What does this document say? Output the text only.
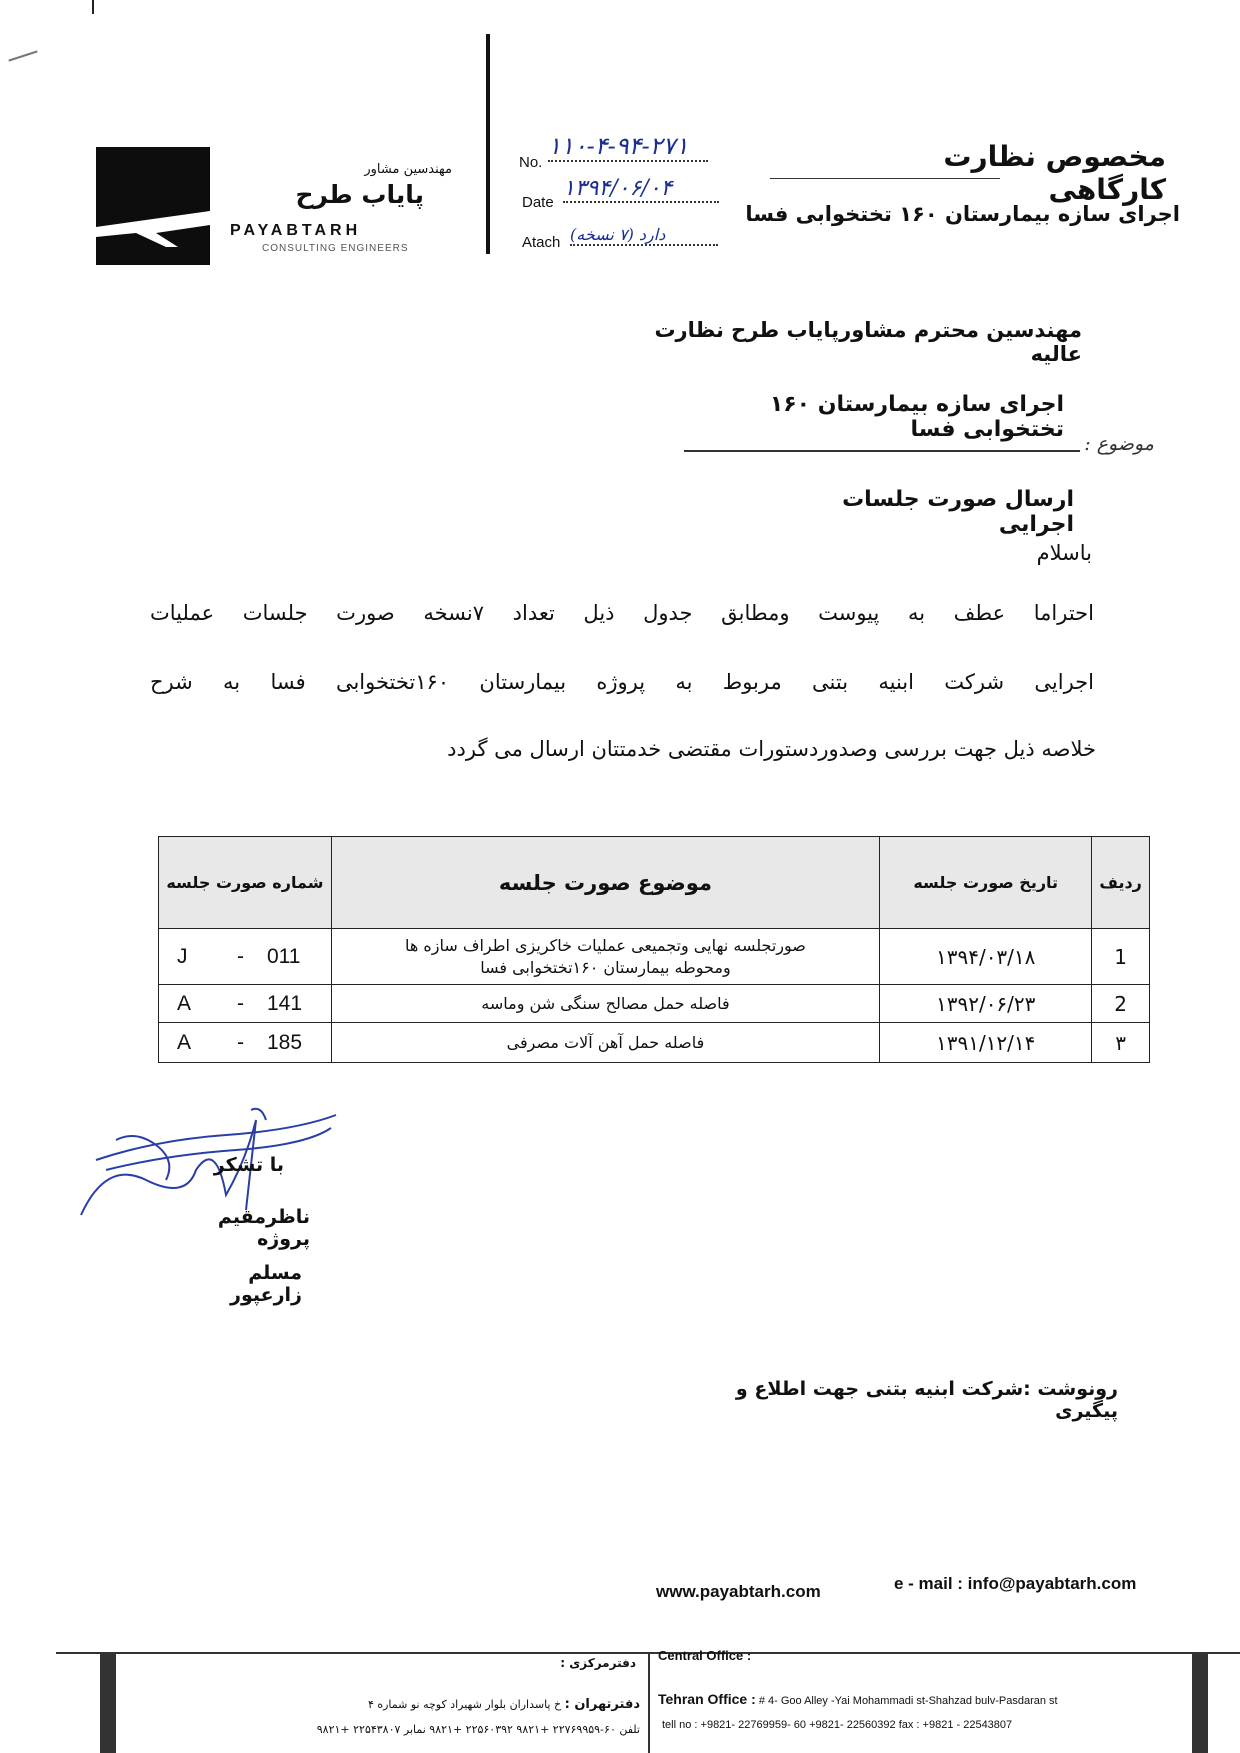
مهندسین مشاور
پایاب طرح
PAYABTARH
CONSULTING ENGINEERS
No.
۱۱۰-۴-۹۴-۲۷۱
Date
۱۳۹۴/۰۶/۰۴
Atach دارد (۷ نسخه)
مخصوص نظارت کارگاهی
اجرای سازه بیمارستان ۱۶۰ تختخوابی فسا
مهندسین محترم مشاورپایاب طرح نظارت عالیه
اجرای سازه بیمارستان ۱۶۰ تختخوابی فسا
موضوع :
ارسال صورت جلسات اجرایی
باسلام
احتراما عطف به پیوست ومطابق جدول ذیل تعداد ۷نسخه صورت جلسات عملیات
اجرایی شرکت ابنیه بتنی مربوط به پروژه بیمارستان ۱۶۰تختخوابی فسا به شرح
خلاصه ذیل جهت بررسی وصدوردستورات مقتضی خدمتتان ارسال می گردد
ردیف	تاریخ صورت جلسه	موضوع صورت جلسه	شماره صورت جلسه
1	۱۳۹۴/۰۳/۱۸	صورتجلسه نهایی وتجمیعی عملیات خاکریزی اطراف سازه ها
ومحوطه بیمارستان ۱۶۰تختخوابی فسا	J - 011
2	۱۳۹۲/۰۶/۲۳	فاصله حمل مصالح سنگی شن وماسه	A - 141
۳	۱۳۹۱/۱۲/۱۴	فاصله حمل آهن آلات مصرفی	A - 185
با تشکر
ناظرمقیم پروژه
مسلم زارعپور
رونوشت :شرکت ابنیه بتنی جهت اطلاع و پیگیری
www.payabtarh.com	e - mail : info@payabtarh.com
دفترمرکزی : Central Office :
دفترتهران : خ پاسداران بلوار شهیراد کوچه نو شماره ۴
تلفن ۶۰-۲۲۷۶۹۹۵۹ +۹۸۲۱ ۲۲۵۶۰۳۹۲ +۹۸۲۱ نمابر ۲۲۵۴۳۸۰۷ +۹۸۲۱
Tehran Office : # 4- Goo Alley -Yai Mohammadi st-Shahzad bulv-Pasdaran st
tell no : +9821- 22769959- 60 +9821- 22560392 fax : +9821 - 22543807
